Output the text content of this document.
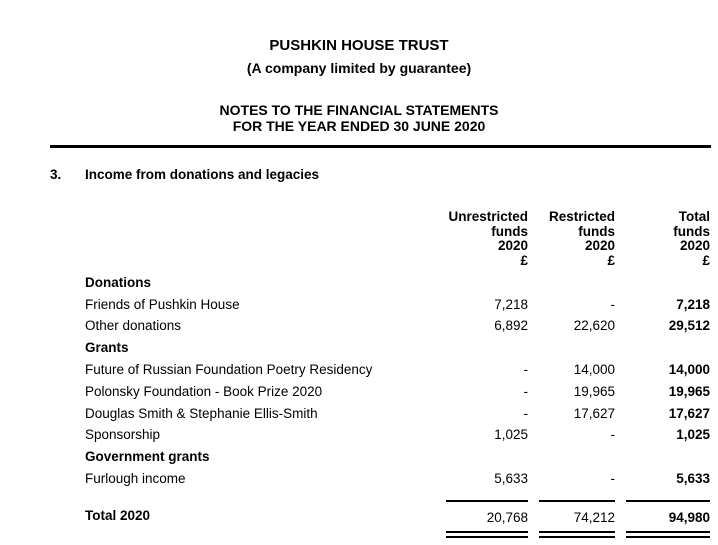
PUSHKIN HOUSE TRUST
(A company limited by guarantee)
NOTES TO THE FINANCIAL STATEMENTS
FOR THE YEAR ENDED 30 JUNE 2020
3. Income from donations and legacies
Unrestricted
funds
2020
£
Restricted
funds
2020
£
Total
funds
2020
£
Donations
Friends of Pushkin House	7,218	-	7,218
Other donations	6,892	22,620	29,512
Grants
Future of Russian Foundation Poetry Residency	-	14,000	14,000
Polonsky Foundation - Book Prize 2020	-	19,965	19,965
Douglas Smith & Stephanie Ellis-Smith	-	17,627	17,627
Sponsorship	1,025	-	1,025
Government grants
Furlough income	5,633	-	5,633
Total 2020	20,768	74,212	94,980
